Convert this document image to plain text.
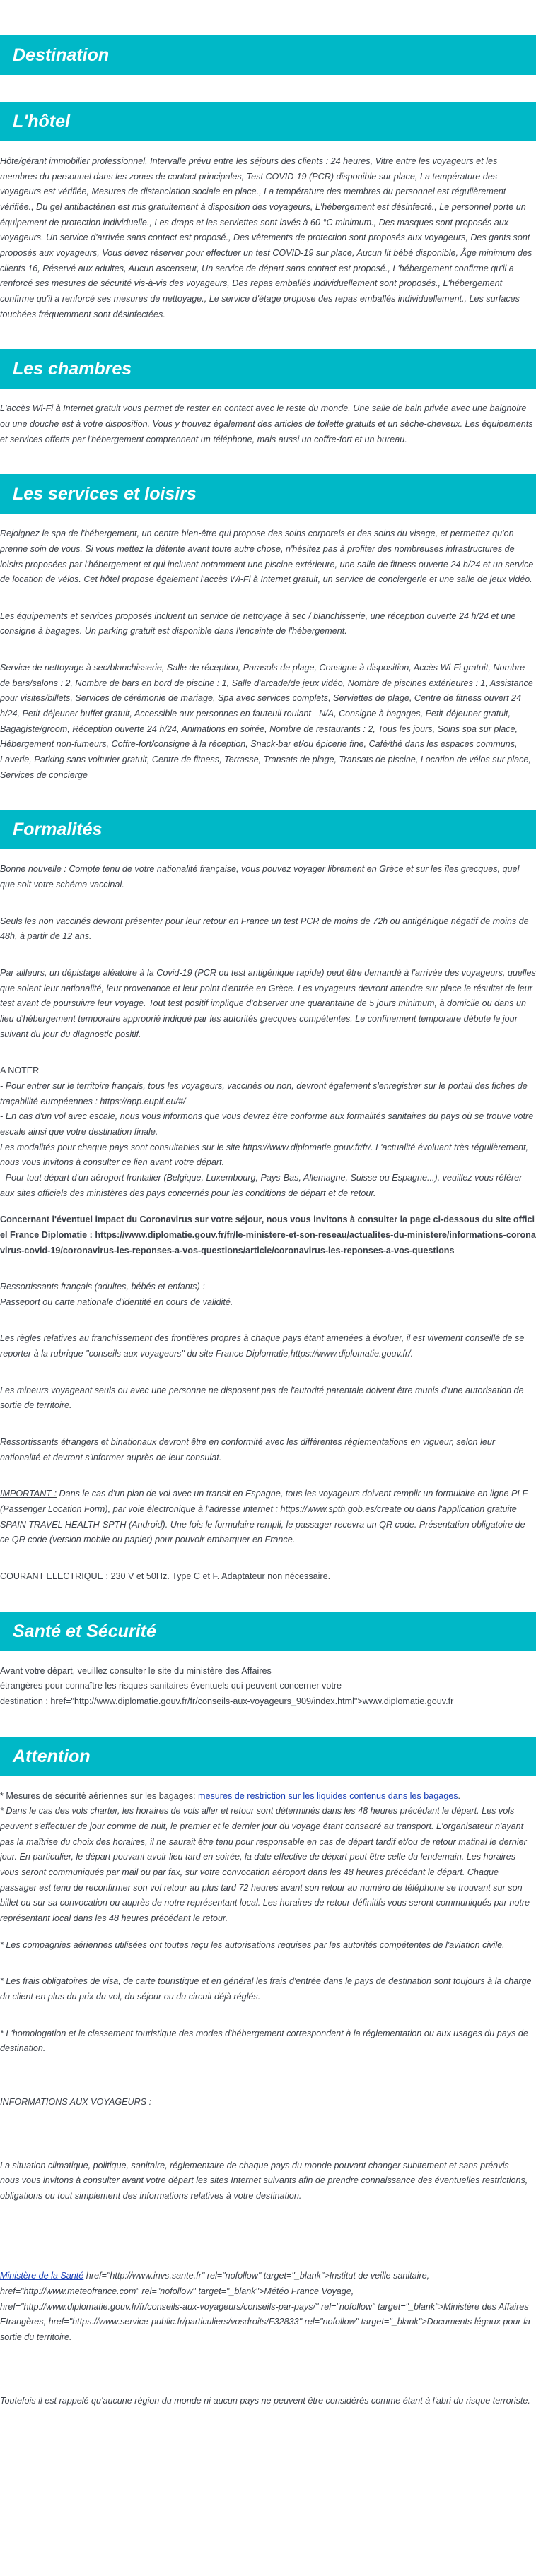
Destination
L'hôtel

Hôte/gérant immobilier professionnel, Intervalle prévu entre les séjours des clients : 24 heures, Vitre entre les voyageurs et les membres du personnel dans les zones de contact principales, Test COVID-19 (PCR) disponible sur place, La température des voyageurs est vérifiée, Mesures de distanciation sociale en place., La température des membres du personnel est régulièrement vérifiée., Du gel antibactérien est mis gratuitement à disposition des voyageurs, L'hébergement est désinfecté., Le personnel porte un équipement de protection individuelle., Les draps et les serviettes sont lavés à 60 °C minimum., Des masques sont proposés aux voyageurs. Un service d'arrivée sans contact est proposé., Des vêtements de protection sont proposés aux voyageurs, Des gants sont proposés aux voyageurs, Vous devez réserver pour effectuer un test COVID-19 sur place, Aucun lit bébé disponible, Âge minimum des clients 16, Réservé aux adultes, Aucun ascenseur, Un service de départ sans contact est proposé., L'hébergement confirme qu'il a renforcé ses mesures de sécurité vis-à-vis des voyageurs, Des repas emballés individuellement sont proposés., L'hébergement confirme qu'il a renforcé ses mesures de nettoyage., Le service d'étage propose des repas emballés individuellement., Les surfaces touchées fréquemment sont désinfectées.

Les chambres

L'accès Wi-Fi à Internet gratuit vous permet de rester en contact avec le reste du monde. Une salle de bain privée avec une baignoire ou une douche est à votre disposition. Vous y trouvez également des articles de toilette gratuits et un sèche-cheveux. Les équipements et services offerts par l'hébergement comprennent un téléphone, mais aussi un coffre-fort et un bureau.

Les services et loisirs

Rejoignez le spa de l'hébergement, un centre bien-être qui propose des soins corporels et des soins du visage, et permettez qu'on prenne soin de vous. Si vous mettez la détente avant toute autre chose, n'hésitez pas à profiter des nombreuses infrastructures de loisirs proposées par l'hébergement et qui incluent notamment une piscine extérieure, une salle de fitness ouverte 24 h/24 et un service de location de vélos. Cet hôtel propose également l'accès Wi-Fi à Internet gratuit, un service de conciergerie et une salle de jeux vidéo.

Les équipements et services proposés incluent un service de nettoyage à sec / blanchisserie, une réception ouverte 24 h/24 et une consigne à bagages. Un parking gratuit est disponible dans l'enceinte de l'hébergement.

Service de nettoyage à sec/blanchisserie, Salle de réception, Parasols de plage, Consigne à disposition, Accès Wi-Fi gratuit, Nombre de bars/salons : 2, Nombre de bars en bord de piscine : 1, Salle d'arcade/de jeux vidéo, Nombre de piscines extérieures : 1, Assistance pour visites/billets, Services de cérémonie de mariage, Spa avec services complets, Serviettes de plage, Centre de fitness ouvert 24 h/24, Petit-déjeuner buffet gratuit, Accessible aux personnes en fauteuil roulant - N/A, Consigne à bagages, Petit-déjeuner gratuit, Bagagiste/groom, Réception ouverte 24 h/24, Animations en soirée, Nombre de restaurants : 2, Tous les jours, Soins spa sur place, Hébergement non-fumeurs, Coffre-fort/consigne à la réception, Snack-bar et/ou épicerie fine, Café/thé dans les espaces communs, Laverie, Parking sans voiturier gratuit, Centre de fitness, Terrasse, Transats de plage, Transats de piscine, Location de vélos sur place, Services de concierge

Formalités

Bonne nouvelle : Compte tenu de votre nationalité française, vous pouvez voyager librement en Grèce et sur les îles grecques, quel que soit votre schéma vaccinal.

Seuls les non vaccinés devront présenter pour leur retour en France un test PCR de moins de 72h ou antigénique négatif de moins de 48h, à partir de 12 ans.

Par ailleurs, un dépistage aléatoire à la Covid-19 (PCR ou test antigénique rapide) peut être demandé à l'arrivée des voyageurs, quelles que soient leur nationalité, leur provenance et leur point d'entrée en Grèce. Les voyageurs devront attendre sur place le résultat de leur test avant de poursuivre leur voyage. Tout test positif implique d'observer une quarantaine de 5 jours minimum, à domicile ou dans un lieu d'hébergement temporaire approprié indiqué par les autorités grecques compétentes. Le confinement temporaire débute le jour suivant du jour du diagnostic positif.

A NOTER

- Pour entrer sur le territoire français, tous les voyageurs, vaccinés ou non, devront également s'enregistrer sur le portail des fiches de traçabilité européennes : https://app.euplf.eu/#/

- En cas d'un vol avec escale, nous vous informons que vous devrez être conforme aux formalités sanitaires du pays où se trouve votre escale ainsi que votre destination finale.

Les modalités pour chaque pays sont consultables sur le site https://www.diplomatie.gouv.fr/fr/. L'actualité évoluant très régulièrement, nous vous invitons à consulter ce lien avant votre départ.

- Pour tout départ d'un aéroport frontalier (Belgique, Luxembourg, Pays-Bas, Allemagne, Suisse ou Espagne...), veuillez vous référer aux sites officiels des ministères des pays concernés pour les conditions de départ et de retour.

Concernant l'éventuel impact du Coronavirus sur votre séjour, nous vous invitons à consulter la page ci-dessous du site officiel France Diplomatie : https://www.diplomatie.gouv.fr/fr/le-ministere-et-son-reseau/actualites-du-ministere/informations-coronavirus-covid-19/coronavirus-les-reponses-a-vos-questions/article/coronavirus-les-reponses-a-vos-questions

Ressortissants français (adultes, bébés et enfants) :

Passeport ou carte nationale d'identité en cours de validité.

Les règles relatives au franchissement des frontières propres à chaque pays étant amenées à évoluer, il est vivement conseillé de se reporter à la rubrique "conseils aux voyageurs" du site France Diplomatie,https://www.diplomatie.gouv.fr/.

Les mineurs voyageant seuls ou avec une personne ne disposant pas de l'autorité parentale doivent être munis d'une autorisation de sortie de territoire.

Ressortissants étrangers et binationaux devront être en conformité avec les différentes réglementations en vigueur, selon leur nationalité et devront s'informer auprès de leur consulat.

IMPORTANT : Dans le cas d'un plan de vol avec un transit en Espagne, tous les voyageurs doivent remplir un formulaire en ligne PLF (Passenger Location Form), par voie électronique à l'adresse internet : https://www.spth.gob.es/create ou dans l'application gratuite SPAIN TRAVEL HEALTH-SPTH (Android). Une fois le formulaire rempli, le passager recevra un QR code. Présentation obligatoire de ce QR code (version mobile ou papier) pour pouvoir embarquer en France.

COURANT ELECTRIQUE : 230 V et 50Hz. Type C et F. Adaptateur non nécessaire.

Santé et Sécurité

Avant votre départ, veuillez consulter le site du ministère des Affaires

étrangères pour connaître les risques sanitaires éventuels qui peuvent concerner votre

destination : href="http://www.diplomatie.gouv.fr/fr/conseils-aux-voyageurs_909/index.html">www.diplomatie.gouv.fr

Attention

* Mesures de sécurité aériennes sur les bagages: mesures de restriction sur les liquides contenus dans les bagages.

* Dans le cas des vols charter, les horaires de vols aller et retour sont déterminés dans les 48 heures précédant le départ. Les vols peuvent s'effectuer de jour comme de nuit, le premier et le dernier jour du voyage étant consacré au transport. L'organisateur n'ayant pas la maîtrise du choix des horaires, il ne saurait être tenu pour responsable en cas de départ tardif et/ou de retour matinal le dernier jour. En particulier, le départ pouvant avoir lieu tard en soirée, la date effective de départ peut être celle du lendemain. Les horaires vous seront communiqués par mail ou par fax, sur votre convocation aéroport dans les 48 heures précédant le départ. Chaque passager est tenu de reconfirmer son vol retour au plus tard 72 heures avant son retour au numéro de téléphone se trouvant sur son billet ou sur sa convocation ou auprès de notre représentant local. Les horaires de retour définitifs vous seront communiqués par notre représentant local dans les 48 heures précédant le retour.

* Les compagnies aériennes utilisées ont toutes reçu les autorisations requises par les autorités compétentes de l'aviation civile.

* Les frais obligatoires de visa, de carte touristique et en général les frais d'entrée dans le pays de destination sont toujours à la charge du client en plus du prix du vol, du séjour ou du circuit déjà réglés.

* L'homologation et le classement touristique des modes d'hébergement correspondent à la réglementation ou aux usages du pays de destination.

INFORMATIONS AUX VOYAGEURS :

La situation climatique, politique, sanitaire, réglementaire de chaque pays du monde pouvant changer subitement et sans préavis

nous vous invitons à consulter avant votre départ les sites Internet suivants afin de prendre connaissance des éventuelles restrictions, obligations ou tout simplement des informations relatives à votre destination.

Ministère de la Santé href="http://www.invs.sante.fr" rel="nofollow" target="_blank">Institut de veille sanitaire, href="http://www.meteofrance.com" rel="nofollow" target="_blank">Météo France Voyage, href="http://www.diplomatie.gouv.fr/fr/conseils-aux-voyageurs/conseils-par-pays/" rel="nofollow" target="_blank">Ministère des Affaires Etrangères, href="https://www.service-public.fr/particuliers/vosdroits/F32833" rel="nofollow" target="_blank">Documents légaux pour la sortie du territoire.

Toutefois il est rappelé qu'aucune région du monde ni aucun pays ne peuvent être considérés comme étant à l'abri du risque terroriste.
